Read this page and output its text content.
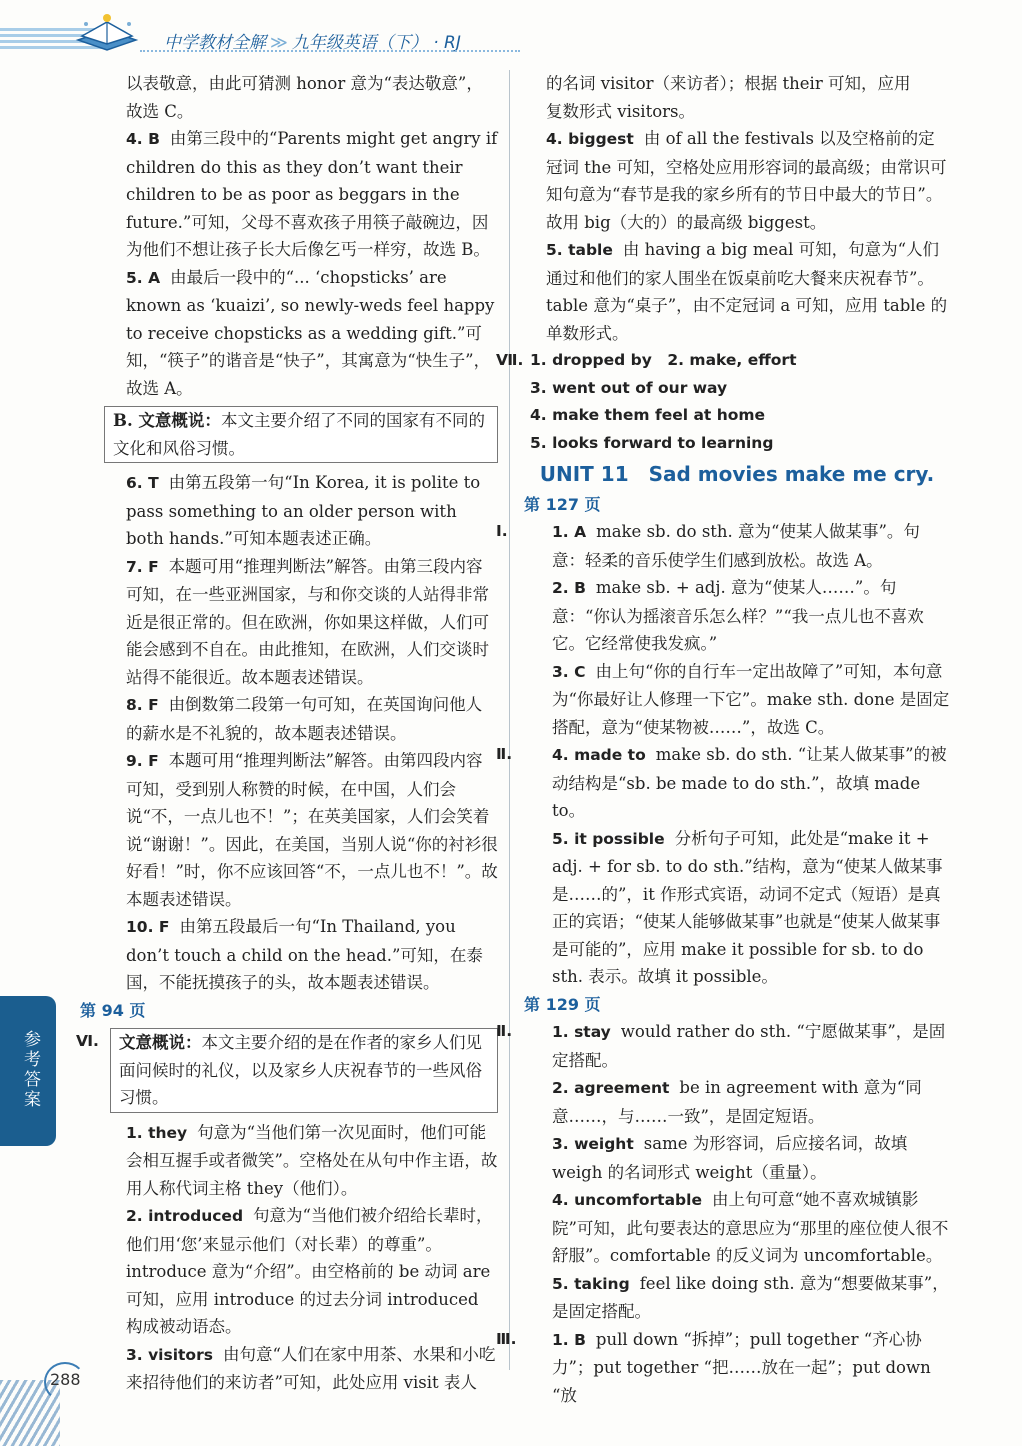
中学教材全解 ≫ 九年级英语（下） · RJ
以表敬意，由此可猜测 honor 意为“表达敬意”，
故选 C。
4. B 由第三段中的“Parents might get angry if children do this as they don’t want their children to be as poor as beggars in the future.”可知，父母不喜欢孩子用筷子敲碗边，因为他们不想让孩子长大后像乞丐一样穷，故选 B。
5. A 由最后一段中的“... ‘chopsticks’ are known as ‘kuaizi’, so newly-weds feel happy to receive chopsticks as a wedding gift.”可知，“筷子”的谐音是“快子”，其寓意为“快生子”，故选 A。
B. 文意概说：本文主要介绍了不同的国家有不同的文化和风俗习惯。
6. T 由第五段第一句“In Korea, it is polite to pass something to an older person with both hands.”可知本题表述正确。
7. F 本题可用“推理判断法”解答。由第三段内容可知，在一些亚洲国家，与和你交谈的人站得非常近是很正常的。但在欧洲，你如果这样做，人们可能会感到不自在。由此推知，在欧洲，人们交谈时站得不能很近。故本题表述错误。
8. F 由倒数第二段第一句可知，在英国询问他人的薪水是不礼貌的，故本题表述错误。
9. F 本题可用“推理判断法”解答。由第四段内容可知，受到别人称赞的时候，在中国，人们会说“不，一点儿也不！”；在英美国家，人们会笑着说“谢谢！”。因此，在美国，当别人说“你的衬衫很好看！”时，你不应该回答“不，一点儿也不！”。故本题表述错误。
10. F 由第五段最后一句“In Thailand, you don’t touch a child on the head.”可知，在泰国，不能抚摸孩子的头，故本题表述错误。
第 94 页
Ⅵ.	文意概说：本文主要介绍的是在作者的家乡人们见面问候时的礼仪，以及家乡人庆祝春节的一些风俗习惯。
1. they 句意为“当他们第一次见面时，他们可能会相互握手或者微笑”。空格处在从句中作主语，故用人称代词主格 they（他们）。
2. introduced 句意为“当他们被介绍给长辈时，他们用‘您’来显示他们（对长辈）的尊重”。introduce 意为“介绍”。由空格前的 be 动词 are 可知，应用 introduce 的过去分词 introduced 构成被动语态。
3. visitors 由句意“人们在家中用茶、水果和小吃来招待他们的来访者”可知，此处应用 visit 表人
的名词 visitor（来访者）；根据 their 可知，应用
复数形式 visitors。
4. biggest 由 of all the festivals 以及空格前的定冠词 the 可知，空格处应用形容词的最高级；由常识可知句意为“春节是我的家乡所有的节日中最大的节日”。故用 big（大的）的最高级 biggest。
5. table 由 having a big meal 可知，句意为“人们通过和他们的家人围坐在饭桌前吃大餐来庆祝春节”。table 意为“桌子”，由不定冠词 a 可知，应用 table 的单数形式。
Ⅶ. 1. dropped by　2. make, effort
3. went out of our way
4. make them feel at home
5. looks forward to learning
UNIT 11　Sad movies make me cry.
第 127 页
Ⅰ.	1. A make sb. do sth. 意为“使某人做某事”。句意：轻柔的音乐使学生们感到放松。故选 A。
2. B make sb. + adj. 意为“使某人……”。句意：“你认为摇滚音乐怎么样？”“我一点儿也不喜欢它。它经常使我发疯。”
3. C 由上句“你的自行车一定出故障了”可知，本句意为“你最好让人修理一下它”。make sth. done 是固定搭配，意为“使某物被……”，故选 C。
Ⅱ.	4. made to make sb. do sth. “让某人做某事”的被动结构是“sb. be made to do sth.”，故填 made to。
5. it possible 分析句子可知，此处是“make it + adj. + for sb. to do sth.”结构，意为“使某人做某事是……的”，it 作形式宾语，动词不定式（短语）是真正的宾语；“使某人能够做某事”也就是“使某人做某事是可能的”，应用 make it possible for sb. to do sth. 表示。故填 it possible。
第 129 页
Ⅱ.	1. stay would rather do sth. “宁愿做某事”，是固定搭配。
2. agreement be in agreement with 意为“同意……，与……一致”，是固定短语。
3. weight same 为形容词，后应接名词，故填 weigh 的名词形式 weight（重量）。
4. uncomfortable 由上句可意“她不喜欢城镇影院”可知，此句要表达的意思应为“那里的座位使人很不舒服”。comfortable 的反义词为 uncomfortable。
5. taking feel like doing sth. 意为“想要做某事”，是固定搭配。
Ⅲ.	1. B pull down “拆掉”；pull together “齐心协力”；put together “把……放在一起”；put down “放
参考答案
288
